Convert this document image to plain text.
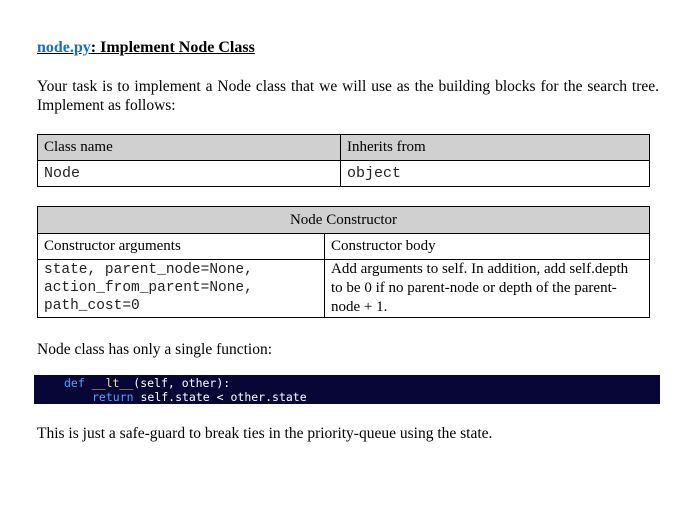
node.py: Implement Node Class
Your task is to implement a Node class that we will use as the building blocks for the search tree. Implement as follows:
Class name	Inherits from
Node	object
Node Constructor	
Constructor arguments	Constructor body

state, parent_node=None,
action_from_parent=None,
path_cost=0	Add arguments to self. In addition, add self.depth to be 0 if no parent-node or depth of the parent-node + 1.
Node class has only a single function:
def __lt__(self, other):
return self.state < other.state
This is just a safe-guard to break ties in the priority-queue using the state.
